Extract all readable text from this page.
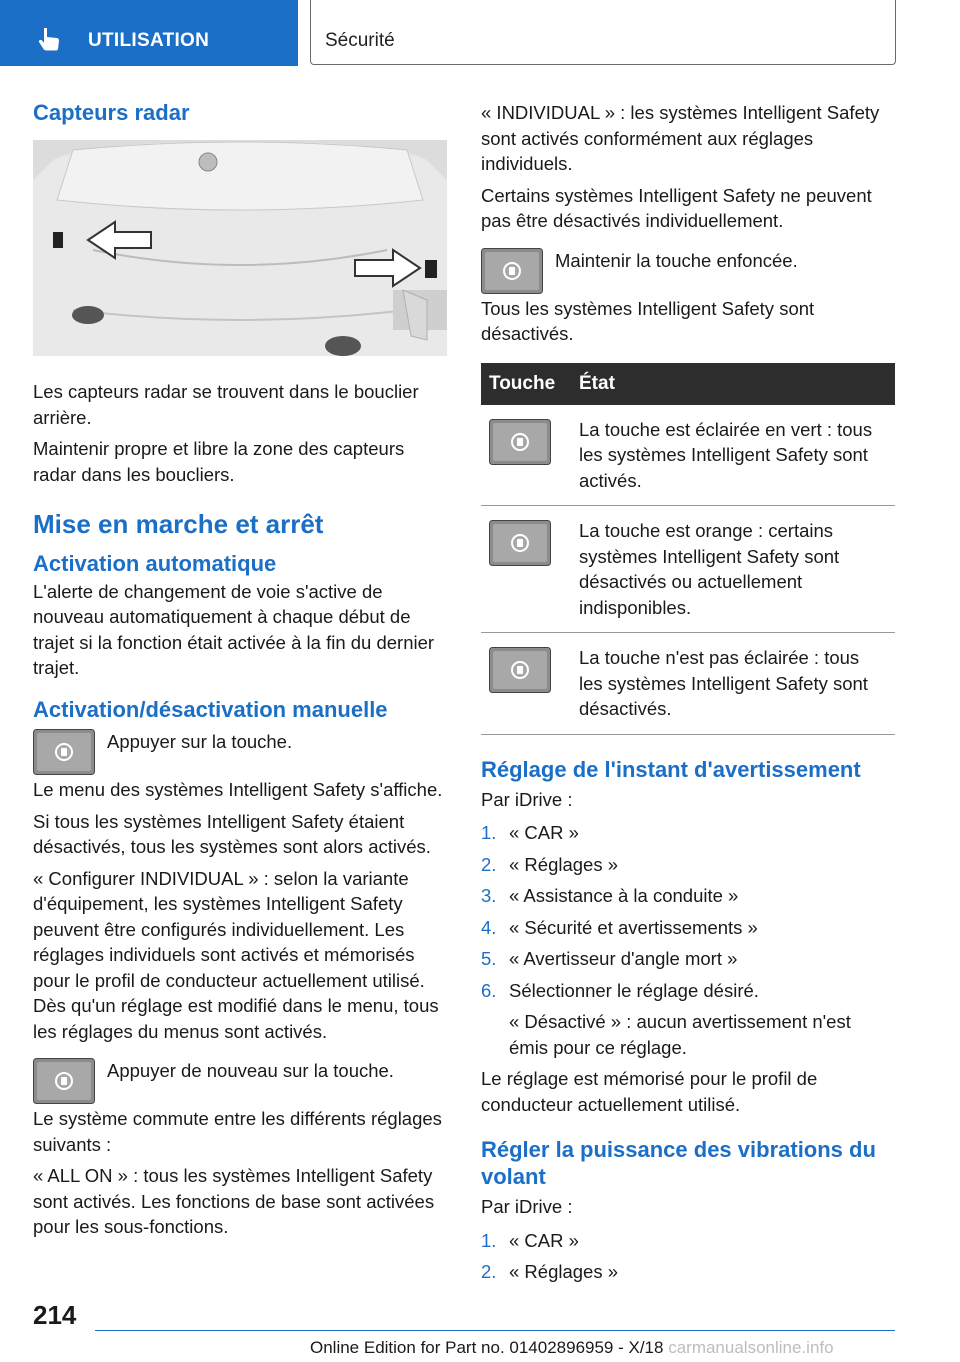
UTILISATION	Sécurité
Capteurs radar

Les capteurs radar se trouvent dans le bouclier arrière.

Maintenir propre et libre la zone des capteurs radar dans les boucliers.

Mise en marche et arrêt
Activation automatique

L'alerte de changement de voie s'active de nouveau automatiquement à chaque début de trajet si la fonction était activée à la fin du dernier trajet.

Activation/désactivation manuelle

Appuyer sur la touche.

Le menu des systèmes Intelligent Safety s'affiche.

Si tous les systèmes Intelligent Safety étaient désactivés, tous les systèmes sont alors activés.

« Configurer INDIVIDUAL » : selon la variante d'équipement, les systèmes Intelligent Safety peuvent être configurés individuellement. Les réglages individuels sont activés et mémorisés pour le profil de conducteur actuellement utilisé. Dès qu'un réglage est modifié dans le menu, tous les réglages du menus sont activés.

Appuyer de nouveau sur la touche.

Le système commute entre les différents réglages suivants :

« ALL ON » : tous les systèmes Intelligent Safety sont activés. Les fonctions de base sont activées pour les sous-fonctions.

« INDIVIDUAL » : les systèmes Intelligent Safety sont activés conformément aux réglages individuels.

Certains systèmes Intelligent Safety ne peuvent pas être désactivés individuellement.

Maintenir la touche enfoncée.

Tous les systèmes Intelligent Safety sont désactivés.

Touche	État
	La touche est éclairée en vert : tous les systèmes Intelligent Safety sont activés.
	La touche est orange : certains systèmes Intelligent Safety sont désactivés ou actuellement indisponibles.
	La touche n'est pas éclairée : tous les systèmes Intelligent Safety sont désactivés.
Réglage de l'instant d'avertissement

Par iDrive :

1. « CAR »
2. « Réglages »
3. « Assistance à la conduite »
4. « Sécurité et avertissements »
5. « Avertisseur d'angle mort »
6. Sélectionner le réglage désiré.

« Désactivé » : aucun avertissement n'est émis pour ce réglage.

Le réglage est mémorisé pour le profil de conducteur actuellement utilisé.

Régler la puissance des vibrations du volant

Par iDrive :

1. « CAR »
2. « Réglages »
214
Online Edition for Part no. 01402896959 - X/18 carmanualsonline.info
